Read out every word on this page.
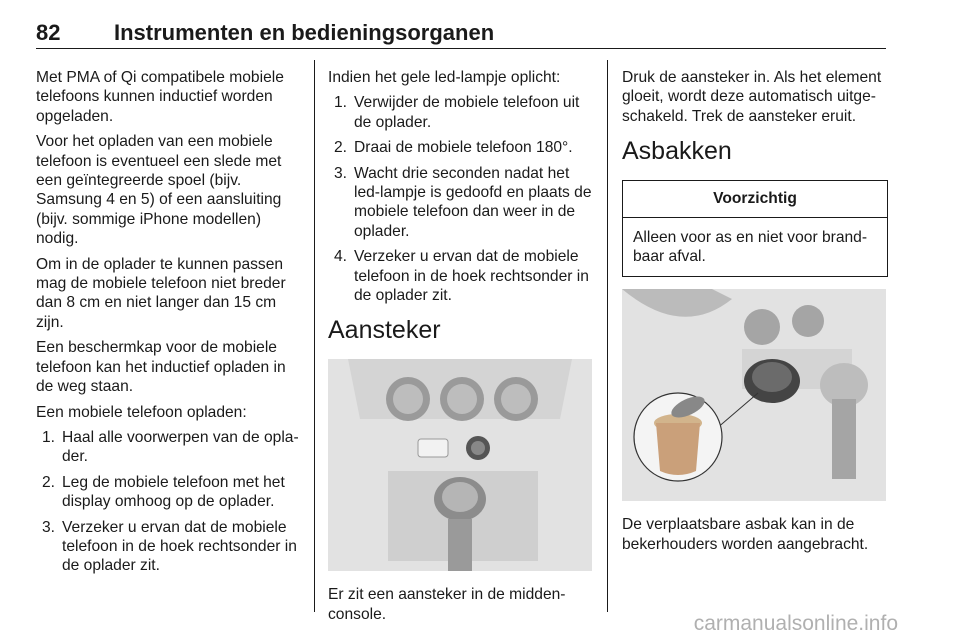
82 Instrumenten en bedieningsorganen

Met PMA of Qi compatibele mobiele telefoons kunnen inductief worden opgeladen.

Voor het opladen van een mobiele telefoon is eventueel een slede met een geïntegreerde spoel (bijv. Samsung 4 en 5) of een aansluiting (bijv. sommige iPhone modellen) nodig.

Om in de oplader te kunnen passen mag de mobiele telefoon niet breder dan 8 cm en niet langer dan 15 cm zijn.

Een beschermkap voor de mobiele telefoon kan het inductief opladen in de weg staan.

Een mobiele telefoon opladen:

1. Haal alle voorwerpen van de opla-der.
2. Leg de mobiele telefoon met het display omhoog op de oplader.
3. Verzeker u ervan dat de mobiele telefoon in de hoek rechtsonder in de oplader zit.

Indien het gele led-lampje oplicht:

1. Verwijder de mobiele telefoon uit de oplader.
2. Draai de mobiele telefoon 180°.
3. Wacht drie seconden nadat het led-lampje is gedoofd en plaats de mobiele telefoon dan weer in de oplader.
4. Verzeker u ervan dat de mobiele telefoon in de hoek rechtsonder in de oplader zit.
Aansteker

Er zit een aansteker in de midden-console.

Druk de aansteker in. Als het element gloeit, wordt deze automatisch uitge-schakeld. Trek de aansteker eruit.

Asbakken
Voorzichtig
Alleen voor as en niet voor brand-baar afval.

De verplaatsbare asbak kan in de bekerhouders worden aangebracht.

carmanualsonline.info
